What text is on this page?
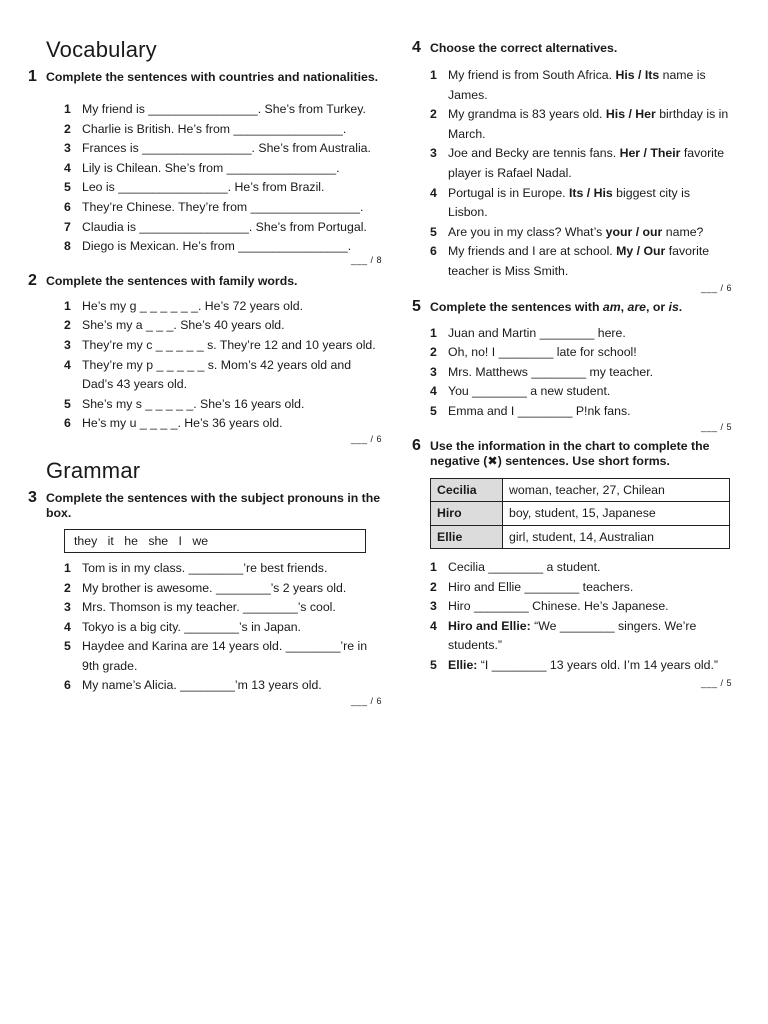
Vocabulary
1 Complete the sentences with countries and nationalities.
1 My friend is ________________. She’s from Turkey.
2 Charlie is British. He’s from ________________.
3 Frances is ________________. She’s from Australia.
4 Lily is Chilean. She’s from ________________.
5 Leo is ________________. He’s from Brazil.
6 They’re Chinese. They’re from ________________.
7 Claudia is ________________. She’s from Portugal.
8 Diego is Mexican. He’s from ________________.
___ / 8
2 Complete the sentences with family words.
1 He’s my g _ _ _ _ _ _. He’s 72 years old.
2 She’s my a _ _ _. She’s 40 years old.
3 They’re my c _ _ _ _ _ s. They’re 12 and 10 years old.
4 They’re my p _ _ _ _ _ s. Mom’s 42 years old and Dad’s 43 years old.
5 She’s my s _ _ _ _ _. She’s 16 years old.
6 He’s my u _ _ _ _. He’s 36 years old.
___ / 6
Grammar
3 Complete the sentences with the subject pronouns in the box.
they it he she I we
1 Tom is in my class. ________’re best friends.
2 My brother is awesome. ________’s 2 years old.
3 Mrs. Thomson is my teacher. ________’s cool.
4 Tokyo is a big city. ________’s in Japan.
5 Haydee and Karina are 14 years old. ________’re in 9th grade.
6 My name’s Alicia. ________’m 13 years old.
___ / 6
4 Choose the correct alternatives.
1 My friend is from South Africa. His / Its name is James.
2 My grandma is 83 years old. His / Her birthday is in March.
3 Joe and Becky are tennis fans. Her / Their favorite player is Rafael Nadal.
4 Portugal is in Europe. Its / His biggest city is Lisbon.
5 Are you in my class? What’s your / our name?
6 My friends and I are at school. My / Our favorite teacher is Miss Smith.
___ / 6
5 Complete the sentences with am, are, or is.
1 Juan and Martin ________ here.
2 Oh, no! I ________ late for school!
3 Mrs. Matthews ________ my teacher.
4 You ________ a new student.
5 Emma and I ________ P!nk fans.
___ / 5
6 Use the information in the chart to complete the negative (✖) sentences. Use short forms.
Cecilia	woman, teacher, 27, Chilean
Hiro	boy, student, 15, Japanese
Ellie	girl, student, 14, Australian
1 Cecilia ________ a student.
2 Hiro and Ellie ________ teachers.
3 Hiro ________ Chinese. He’s Japanese.
4 Hiro and Ellie: “We ________ singers. We’re students.”
5 Ellie: “I ________ 13 years old. I’m 14 years old.”
___ / 5
